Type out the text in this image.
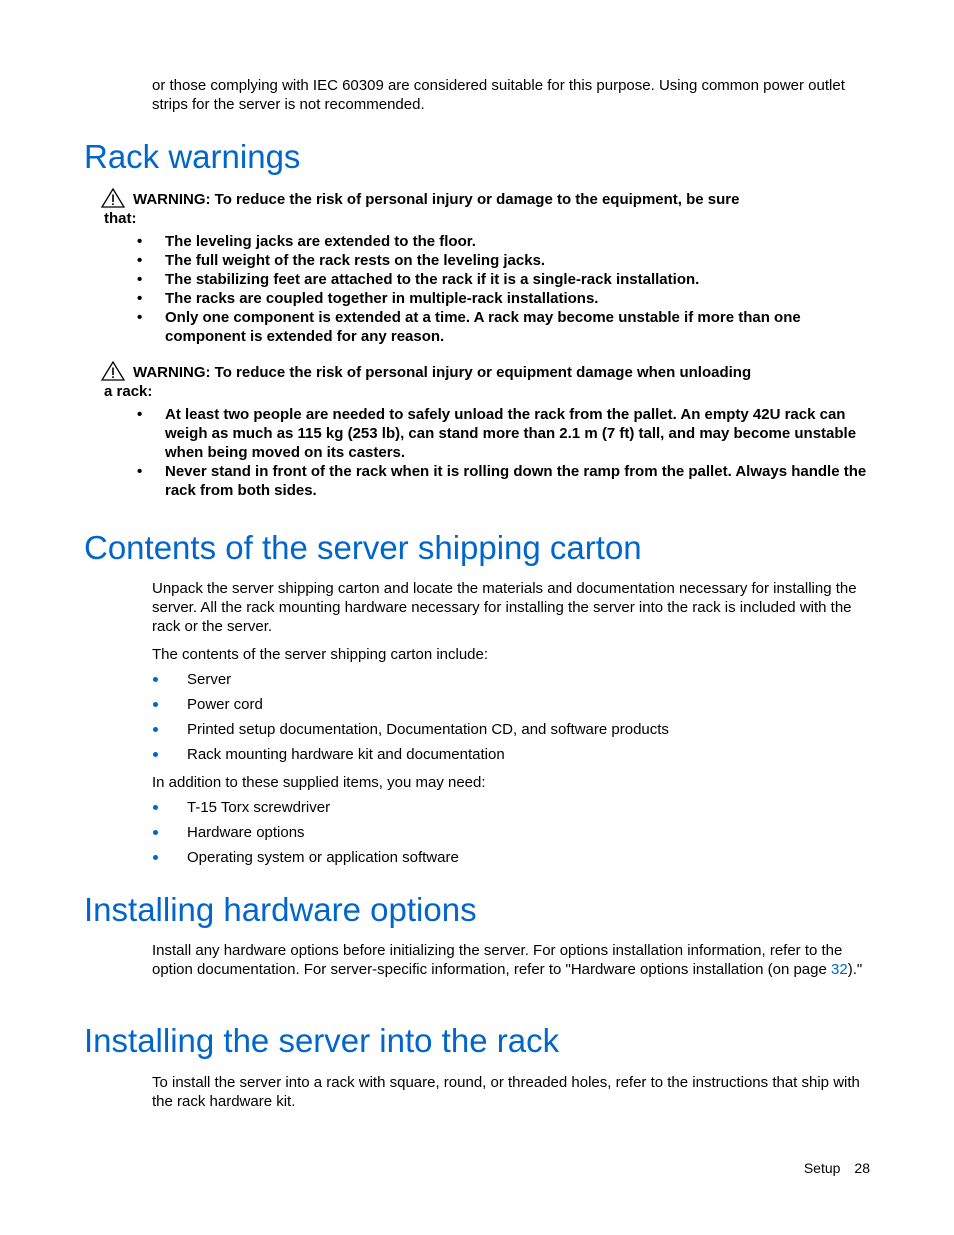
or those complying with IEC 60309 are considered suitable for this purpose. Using common power outlet strips for the server is not recommended.
Rack warnings
WARNING: To reduce the risk of personal injury or damage to the equipment, be sure
that:
• The leveling jacks are extended to the floor.
• The full weight of the rack rests on the leveling jacks.
• The stabilizing feet are attached to the rack if it is a single-rack installation.
• The racks are coupled together in multiple-rack installations.
• Only one component is extended at a time. A rack may become unstable if more than one component is extended for any reason.
WARNING: To reduce the risk of personal injury or equipment damage when unloading
a rack:
• At least two people are needed to safely unload the rack from the pallet. An empty 42U rack can weigh as much as 115 kg (253 lb), can stand more than 2.1 m (7 ft) tall, and may become unstable when being moved on its casters.
• Never stand in front of the rack when it is rolling down the ramp from the pallet. Always handle the rack from both sides.
Contents of the server shipping carton
Unpack the server shipping carton and locate the materials and documentation necessary for installing the server. All the rack mounting hardware necessary for installing the server into the rack is included with the rack or the server.
The contents of the server shipping carton include:
Server
Power cord
Printed setup documentation, Documentation CD, and software products
Rack mounting hardware kit and documentation
In addition to these supplied items, you may need:
T-15 Torx screwdriver
Hardware options
Operating system or application software
Installing hardware options
Install any hardware options before initializing the server. For options installation information, refer to the option documentation. For server-specific information, refer to "Hardware options installation (on page 32)."
Installing the server into the rack
To install the server into a rack with square, round, or threaded holes, refer to the instructions that ship with the rack hardware kit.
Setup 28
